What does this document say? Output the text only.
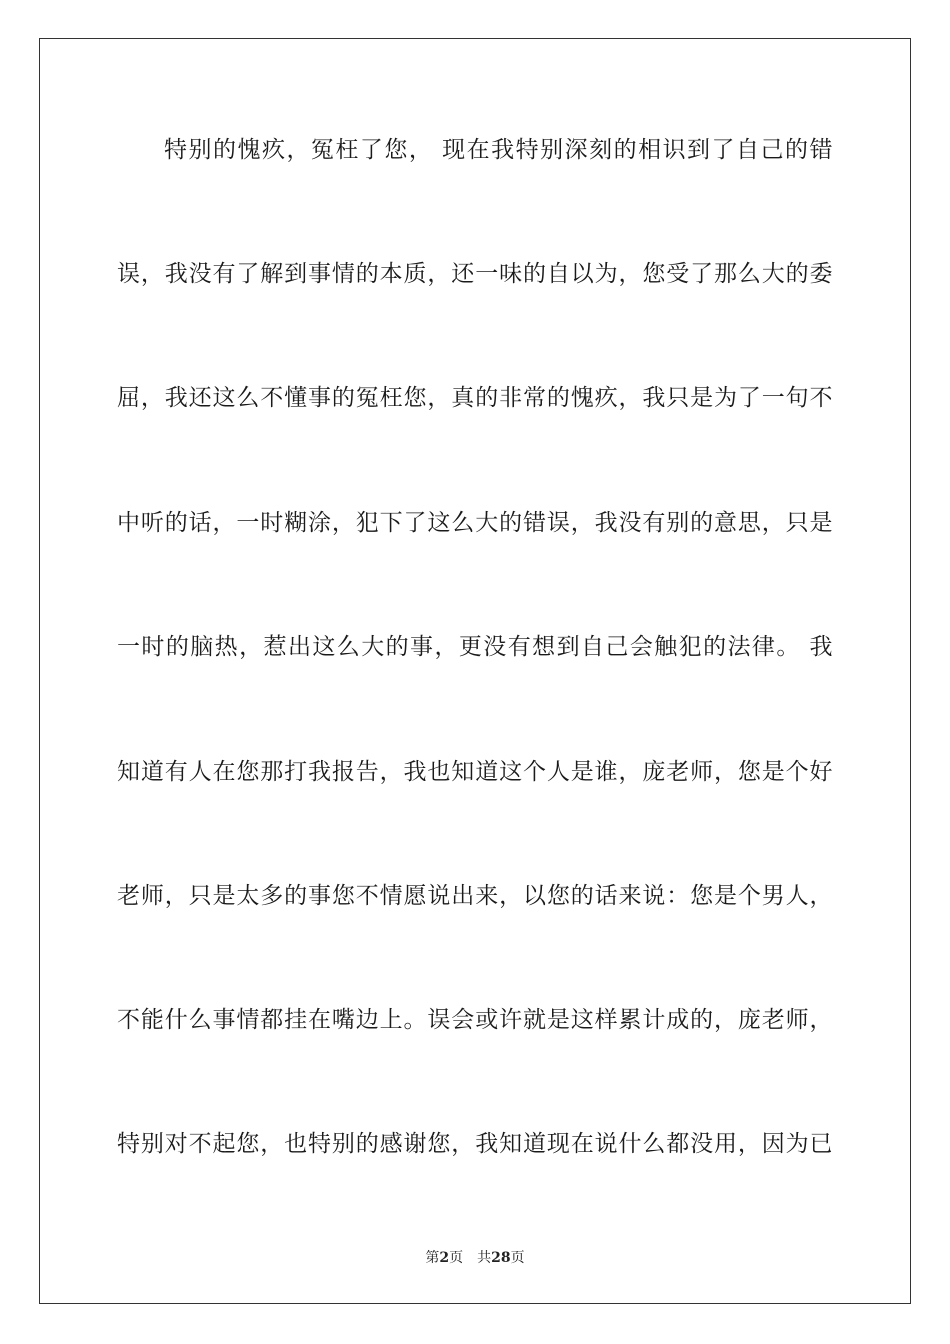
特别的愧疚，冤枉了您， 现在我特别深刻的相识到了自己的错
误，我没有了解到事情的本质，还一味的自以为，您受了那么大的委
屈，我还这么不懂事的冤枉您，真的非常的愧疚，我只是为了一句不
中听的话，一时糊涂，犯下了这么大的错误，我没有别的意思，只是
一时的脑热，惹出这么大的事，更没有想到自己会触犯的法律。 我
知道有人在您那打我报告，我也知道这个人是谁，庞老师，您是个好
老师，只是太多的事您不情愿说出来，以您的话来说：您是个男人，
不能什么事情都挂在嘴边上。误会或许就是这样累计成的，庞老师，
特别对不起您，也特别的感谢您，我知道现在说什么都没用，因为已
第2页 共28页
